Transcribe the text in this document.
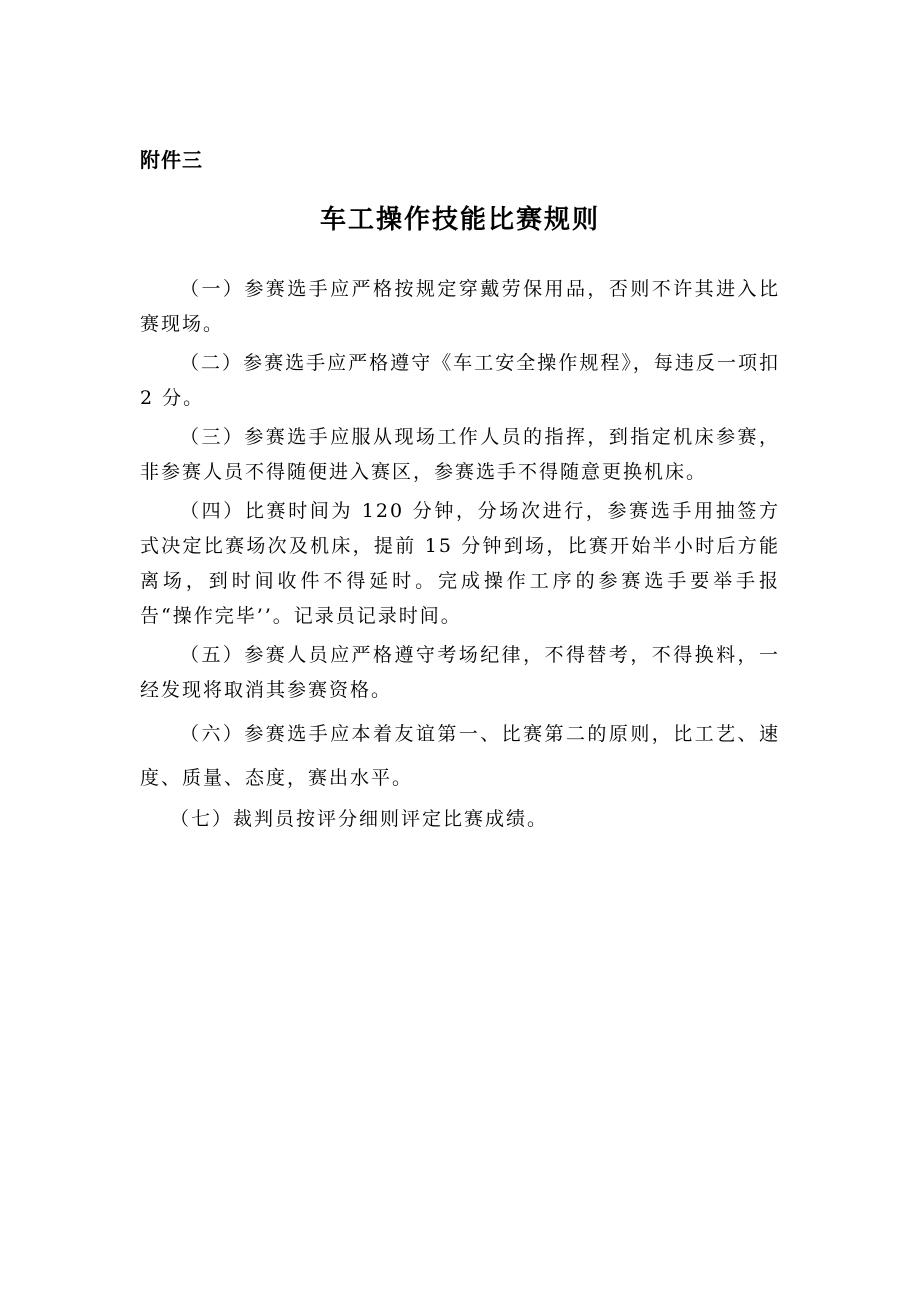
附件三

车工操作技能比赛规则

（一）参赛选手应严格按规定穿戴劳保用品，否则不许其进入比赛现场。

（二）参赛选手应严格遵守《车工安全操作规程》，每违反一项扣 2 分。

（三）参赛选手应服从现场工作人员的指挥，到指定机床参赛，非参赛人员不得随便进入赛区，参赛选手不得随意更换机床。

（四）比赛时间为 120 分钟，分场次进行，参赛选手用抽签方式决定比赛场次及机床，提前 15 分钟到场，比赛开始半小时后方能离场，到时间收件不得延时。完成操作工序的参赛选手要举手报告“操作完毕’’。记录员记录时间。

（五）参赛人员应严格遵守考场纪律，不得替考，不得换料，一经发现将取消其参赛资格。

（六）参赛选手应本着友谊第一、比赛第二的原则，比工艺、速度、质量、态度，赛出水平。

（七）裁判员按评分细则评定比赛成绩。
